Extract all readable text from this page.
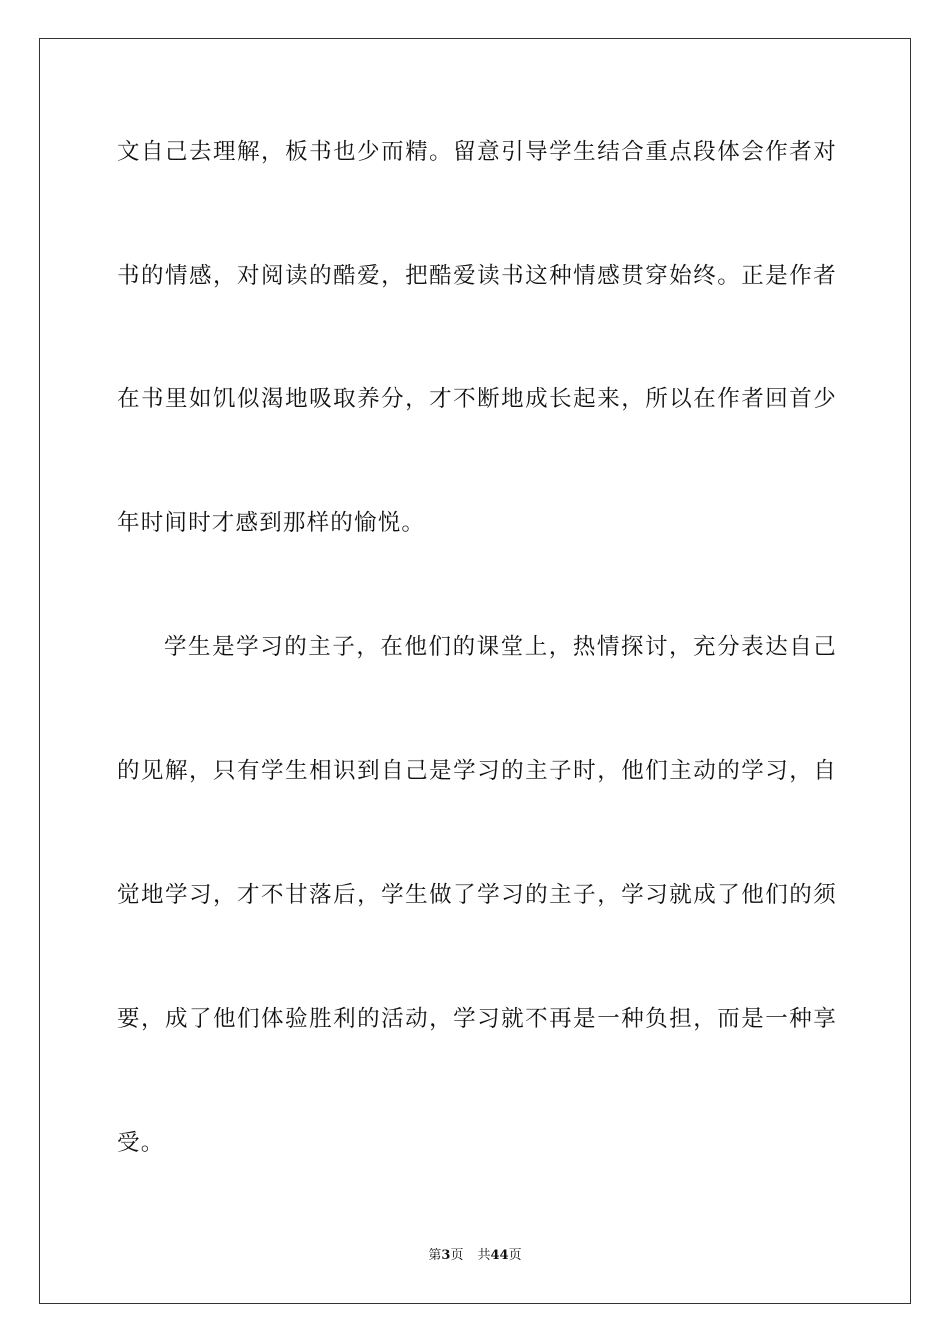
文自己去理解，板书也少而精。留意引导学生结合重点段体会作者对
书的情感，对阅读的酷爱，把酷爱读书这种情感贯穿始终。正是作者
在书里如饥似渴地吸取养分，才不断地成长起来，所以在作者回首少
年时间时才感到那样的愉悦。
学生是学习的主子，在他们的课堂上，热情探讨，充分表达自己
的见解，只有学生相识到自己是学习的主子时，他们主动的学习，自
觉地学习，才不甘落后，学生做了学习的主子，学习就成了他们的须
要，成了他们体验胜利的活动，学习就不再是一种负担，而是一种享
受。
第3页 共44页
